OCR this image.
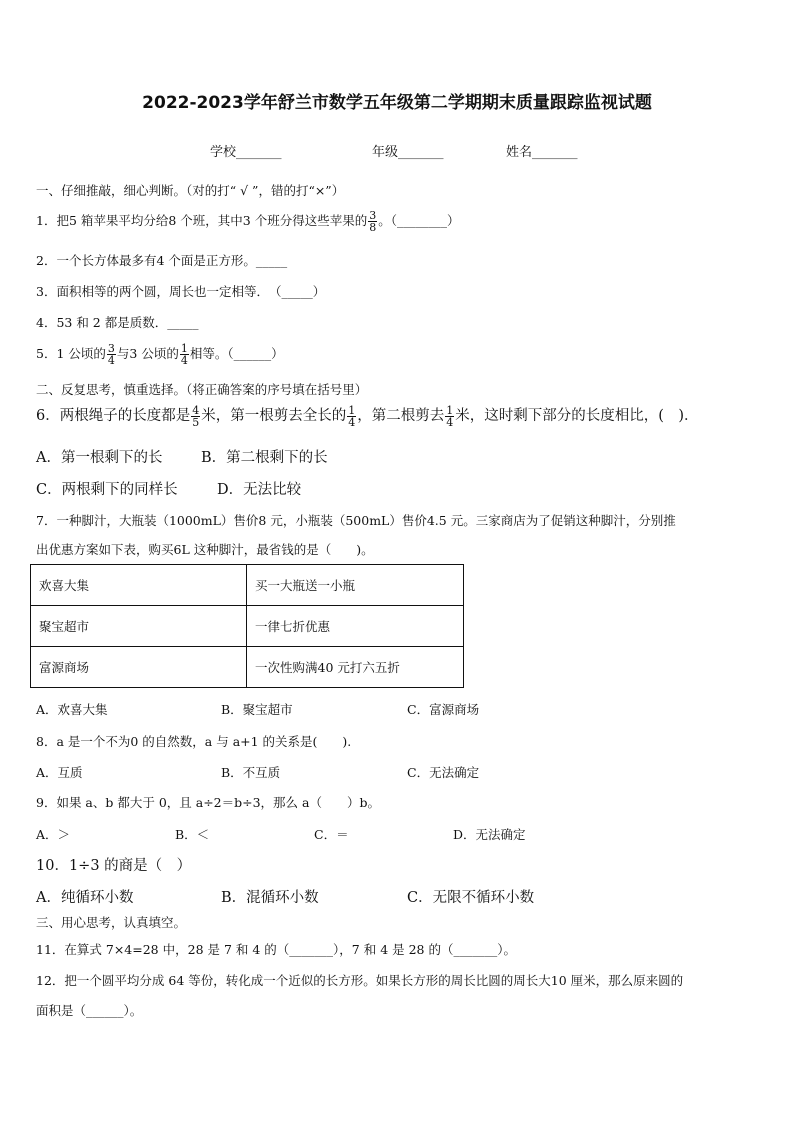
2022-2023学年舒兰市数学五年级第二学期期末质量跟踪监视试题
学校_______	年级_______	姓名_______
一、仔细推敲，细心判断。（对的打“ √ ”，错的打“×”）
1．把5 箱苹果平均分给8 个班，其中3 个班分得这些苹果的 $\frac{3}{8}$ 。（________）
2．一个长方体最多有4 个面是正方形。_____
3．面积相等的两个圆，周长也一定相等．　（_____）
4．53 和 2 都是质数．_____
5．1 公顷的 $\frac{3}{4}$ 与3 公顷的 $\frac{1}{4}$ 相等。（______）
二、反复思考，慎重选择。（将正确答案的序号填在括号里）
6．两根绳子的长度都是 $\frac{4}{5}$ 米，第一根剪去全长的 $\frac{1}{4}$ ，第二根剪去 $\frac{1}{4}$ 米，这时剩下部分的长度相比，(　)．
A．第一根剩下的长	B．第二根剩下的长
C．两根剩下的同样长	D．无法比较
7．一种脚汁，大瓶装（1000mL）售价8 元，小瓶装（500mL）售价4.5 元。三家商店为了促销这种脚汁，分别推
出优惠方案如下表，购买6L 这种脚汁，最省钱的是（　　)。
欢喜大集	买一大瓶送一小瓶
聚宝超市	一律七折优惠
富源商场	一次性购满40 元打六五折
A．欢喜大集	B．聚宝超市	C．富源商场
8．a 是一个不为0 的自然数，a 与 a+1 的关系是(　　).
A．互质	B．不互质	C．无法确定
9．如果 a、b 都大于 0，且 a÷2＝b÷3，那么 a（　　）b。
A．＞	B．＜	C．＝	D．无法确定
10．1÷3 的商是（　）
A．纯循环小数	B．混循环小数	C．无限不循环小数
三、用心思考，认真填空。
11．在算式 7×4=28 中，28 是 7 和 4 的（_______），7 和 4 是 28 的（_______）。
12．把一个圆平均分成 64 等份，转化成一个近似的长方形。如果长方形的周长比圆的周长大10 厘米，那么原来圆的
面积是（______）。
